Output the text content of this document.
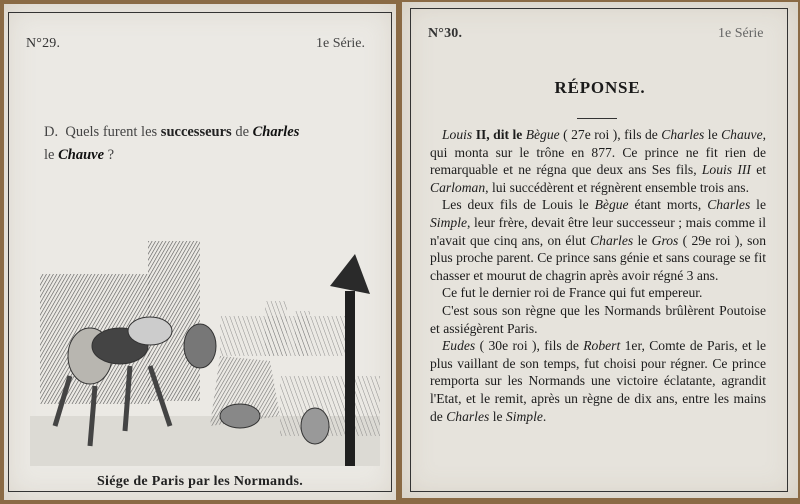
N°29.	1e Série.
D. Quels furent les successeurs de Charles
le Chauve ?
Siége de Paris par les Normands.
N°30.	1e Série
RÉPONSE.

Louis II, dit le Bègue ( 27e roi ), fils de Charles le Chauve, qui monta sur le trône en 877. Ce prince ne fit rien de remarquable et ne régna que deux ans Ses fils, Louis III et Carloman, lui succédèrent et régnèrent ensemble trois ans.

Les deux fils de Louis le Bègue étant morts, Charles le Simple, leur frère, devait être leur successeur ; mais comme il n'avait que cinq ans, on élut Charles le Gros ( 29e roi ), son plus proche parent. Ce prince sans génie et sans courage se fit chasser et mourut de chagrin après avoir régné 3 ans.

Ce fut le dernier roi de France qui fut empereur.

C'est sous son règne que les Normands brûlèrent Poutoise et assiégèrent Paris.

Eudes ( 30e roi ), fils de Robert 1er, Comte de Paris, et le plus vaillant de son temps, fut choisi pour régner. Ce prince remporta sur les Normands une victoire éclatante, agrandit l'Etat, et le remit, après un règne de dix ans, entre les mains de Charles le Simple.
